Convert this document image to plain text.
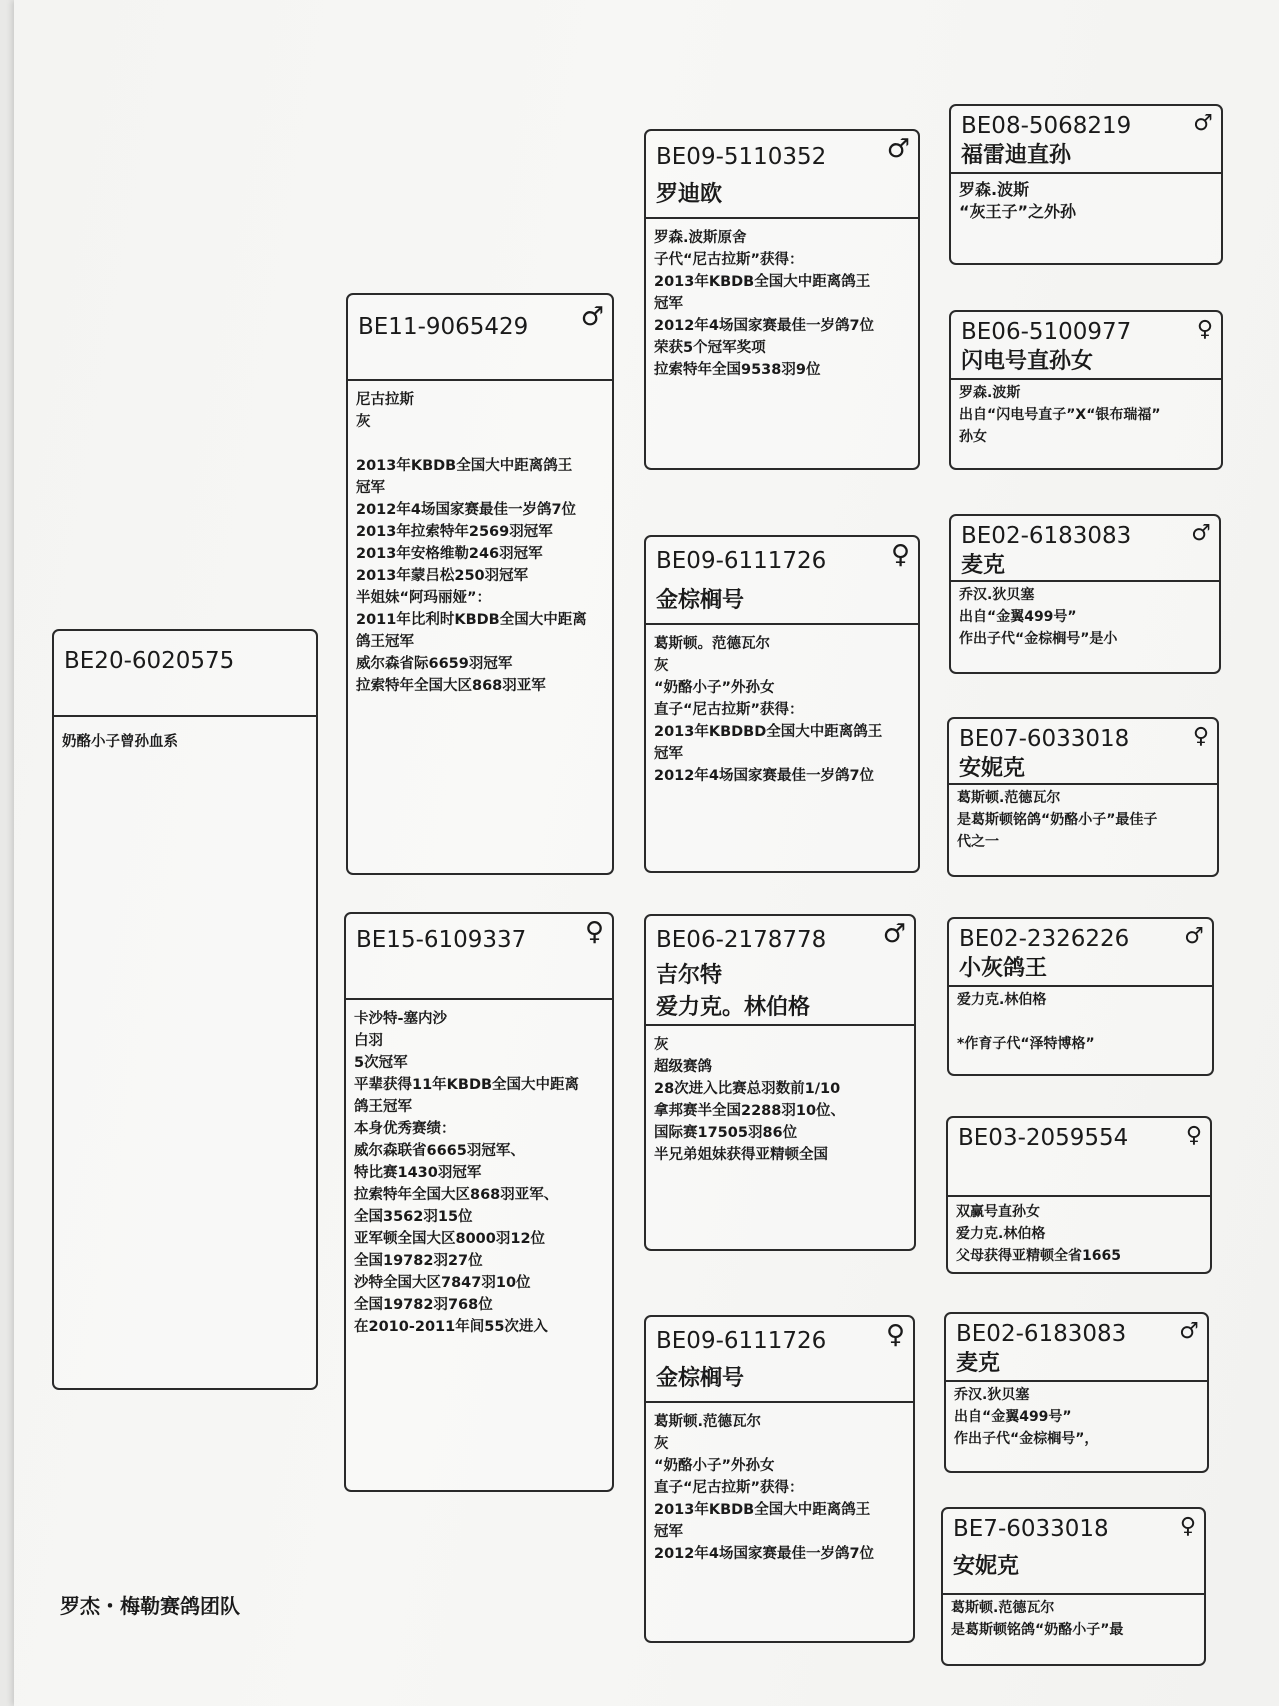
BE20-6020575
奶酪小子曾孙血系
BE11-9065429	♂
尼古拉斯
灰
2013年KBDB全国大中距离鸽王
冠军
2012年4场国家赛最佳一岁鸽7位
2013年拉索特年2569羽冠军
2013年安格维勒246羽冠军
2013年蒙吕松250羽冠军
半姐妹“阿玛丽娅”：
2011年比利时KBDB全国大中距离
鸽王冠军
威尔森省际6659羽冠军
拉索特年全国大区868羽亚军
BE15-6109337	♀
卡沙特-塞内沙
白羽
5次冠军
平辈获得11年KBDB全国大中距离
鸽王冠军
本身优秀赛绩：
威尔森联省6665羽冠军、
特比赛1430羽冠军
拉索特年全国大区868羽亚军、
全国3562羽15位
亚军顿全国大区8000羽12位
全国19782羽27位
沙特全国大区7847羽10位
全国19782羽768位
在2010-2011年间55次进入
BE09-5110352
罗迪欧
♂
罗森.波斯原舍
子代“尼古拉斯”获得：
2013年KBDB全国大中距离鸽王
冠军
2012年4场国家赛最佳一岁鸽7位
荣获5个冠军奖项
拉索特年全国9538羽9位
BE09-6111726
金棕榈号
♀
葛斯顿。范德瓦尔
灰
“奶酪小子”外孙女
直子“尼古拉斯”获得：
2013年KBDBD全国大中距离鸽王
冠军
2012年4场国家赛最佳一岁鸽7位
BE06-2178778
吉尔特
爱力克。林伯格
♂
灰
超级赛鸽
28次进入比赛总羽数前1/10
拿邦赛半全国2288羽10位、
国际赛17505羽86位
半兄弟姐妹获得亚精顿全国
BE09-6111726
金棕榈号
♀
葛斯顿.范德瓦尔
灰
“奶酪小子”外孙女
直子“尼古拉斯”获得：
2013年KBDB全国大中距离鸽王
冠军
2012年4场国家赛最佳一岁鸽7位
BE08-5068219
福雷迪直孙
♂
罗森.波斯
“灰王子”之外孙
BE06-5100977
闪电号直孙女
♀
罗森.波斯
出自“闪电号直子”X“银布瑞福”
孙女
BE02-6183083
麦克
♂
乔汉.狄贝塞
出自“金翼499号”
作出子代“金棕榈号”是小
BE07-6033018
安妮克
♀
葛斯顿.范德瓦尔
是葛斯顿铭鸽“奶酪小子”最佳子
代之一
BE02-2326226
小灰鸽王
♂
爱力克.林伯格
*作育子代“泽特博格”
BE03-2059554	♀
双赢号直孙女
爱力克.林伯格
父母获得亚精顿全省1665
BE02-6183083
麦克
♂
乔汉.狄贝塞
出自“金翼499号”
作出子代“金棕榈号”，
BE7-6033018
安妮克
♀
葛斯顿.范德瓦尔
是葛斯顿铭鸽“奶酪小子”最
罗杰・梅勒赛鸽团队
